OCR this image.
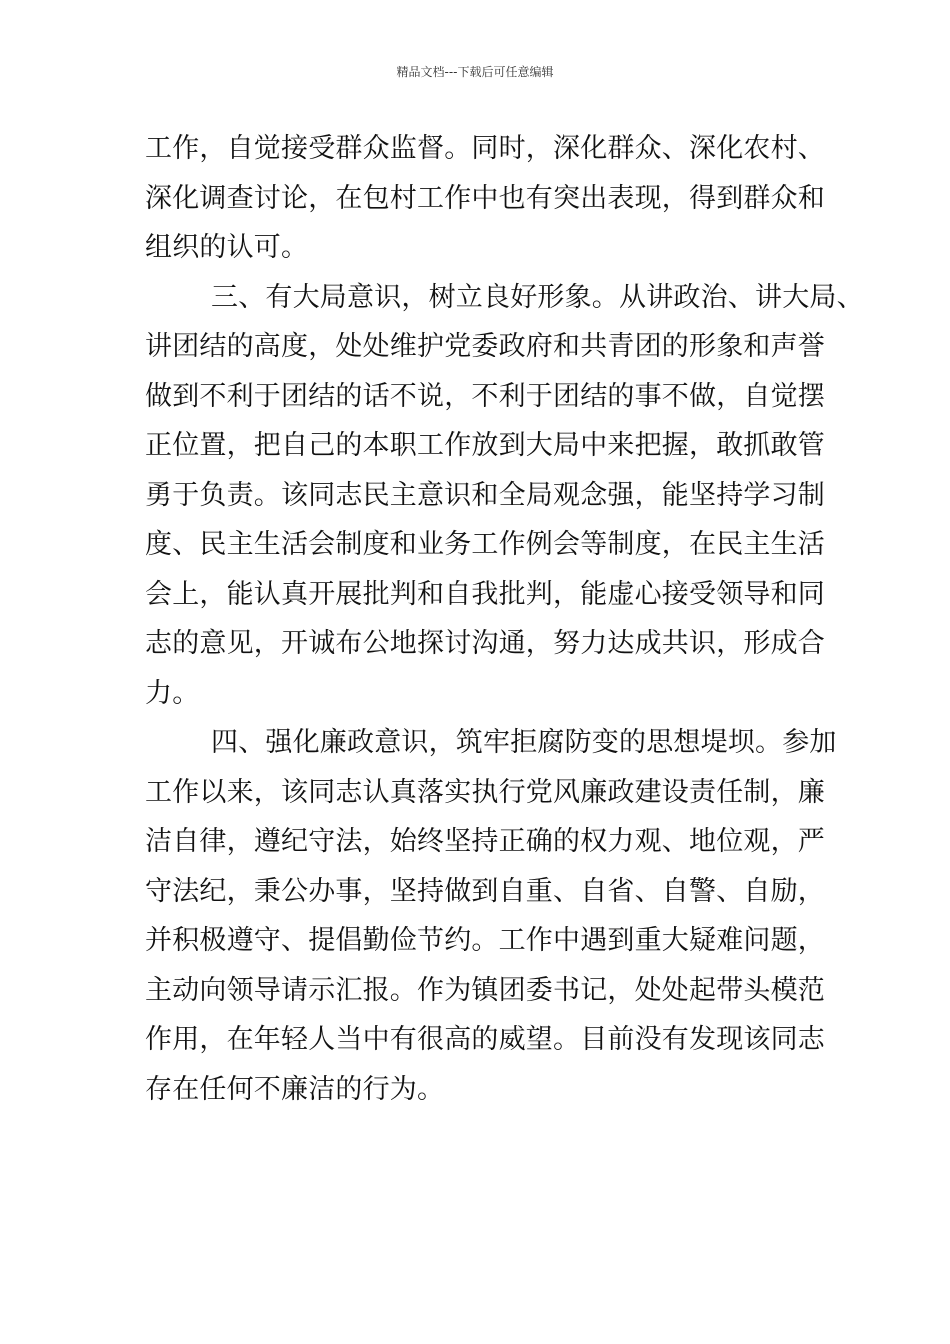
精品文档---下载后可任意编辑
工作，自觉接受群众监督。同时，深化群众、深化农村、
深化调查讨论，在包村工作中也有突出表现，得到群众和
组织的认可。
三、有大局意识，树立良好形象。从讲政治、讲大局、
讲团结的高度，处处维护党委政府和共青团的形象和声誉
做到不利于团结的话不说，不利于团结的事不做，自觉摆
正位置，把自己的本职工作放到大局中来把握，敢抓敢管
勇于负责。该同志民主意识和全局观念强，能坚持学习制
度、民主生活会制度和业务工作例会等制度，在民主生活
会上，能认真开展批判和自我批判，能虚心接受领导和同
志的意见，开诚布公地探讨沟通，努力达成共识，形成合
力。
四、强化廉政意识，筑牢拒腐防变的思想堤坝。参加
工作以来，该同志认真落实执行党风廉政建设责任制，廉
洁自律，遵纪守法，始终坚持正确的权力观、地位观，严
守法纪，秉公办事，坚持做到自重、自省、自警、自励，
并积极遵守、提倡勤俭节约。工作中遇到重大疑难问题，
主动向领导请示汇报。作为镇团委书记，处处起带头模范
作用，在年轻人当中有很高的威望。目前没有发现该同志
存在任何不廉洁的行为。
